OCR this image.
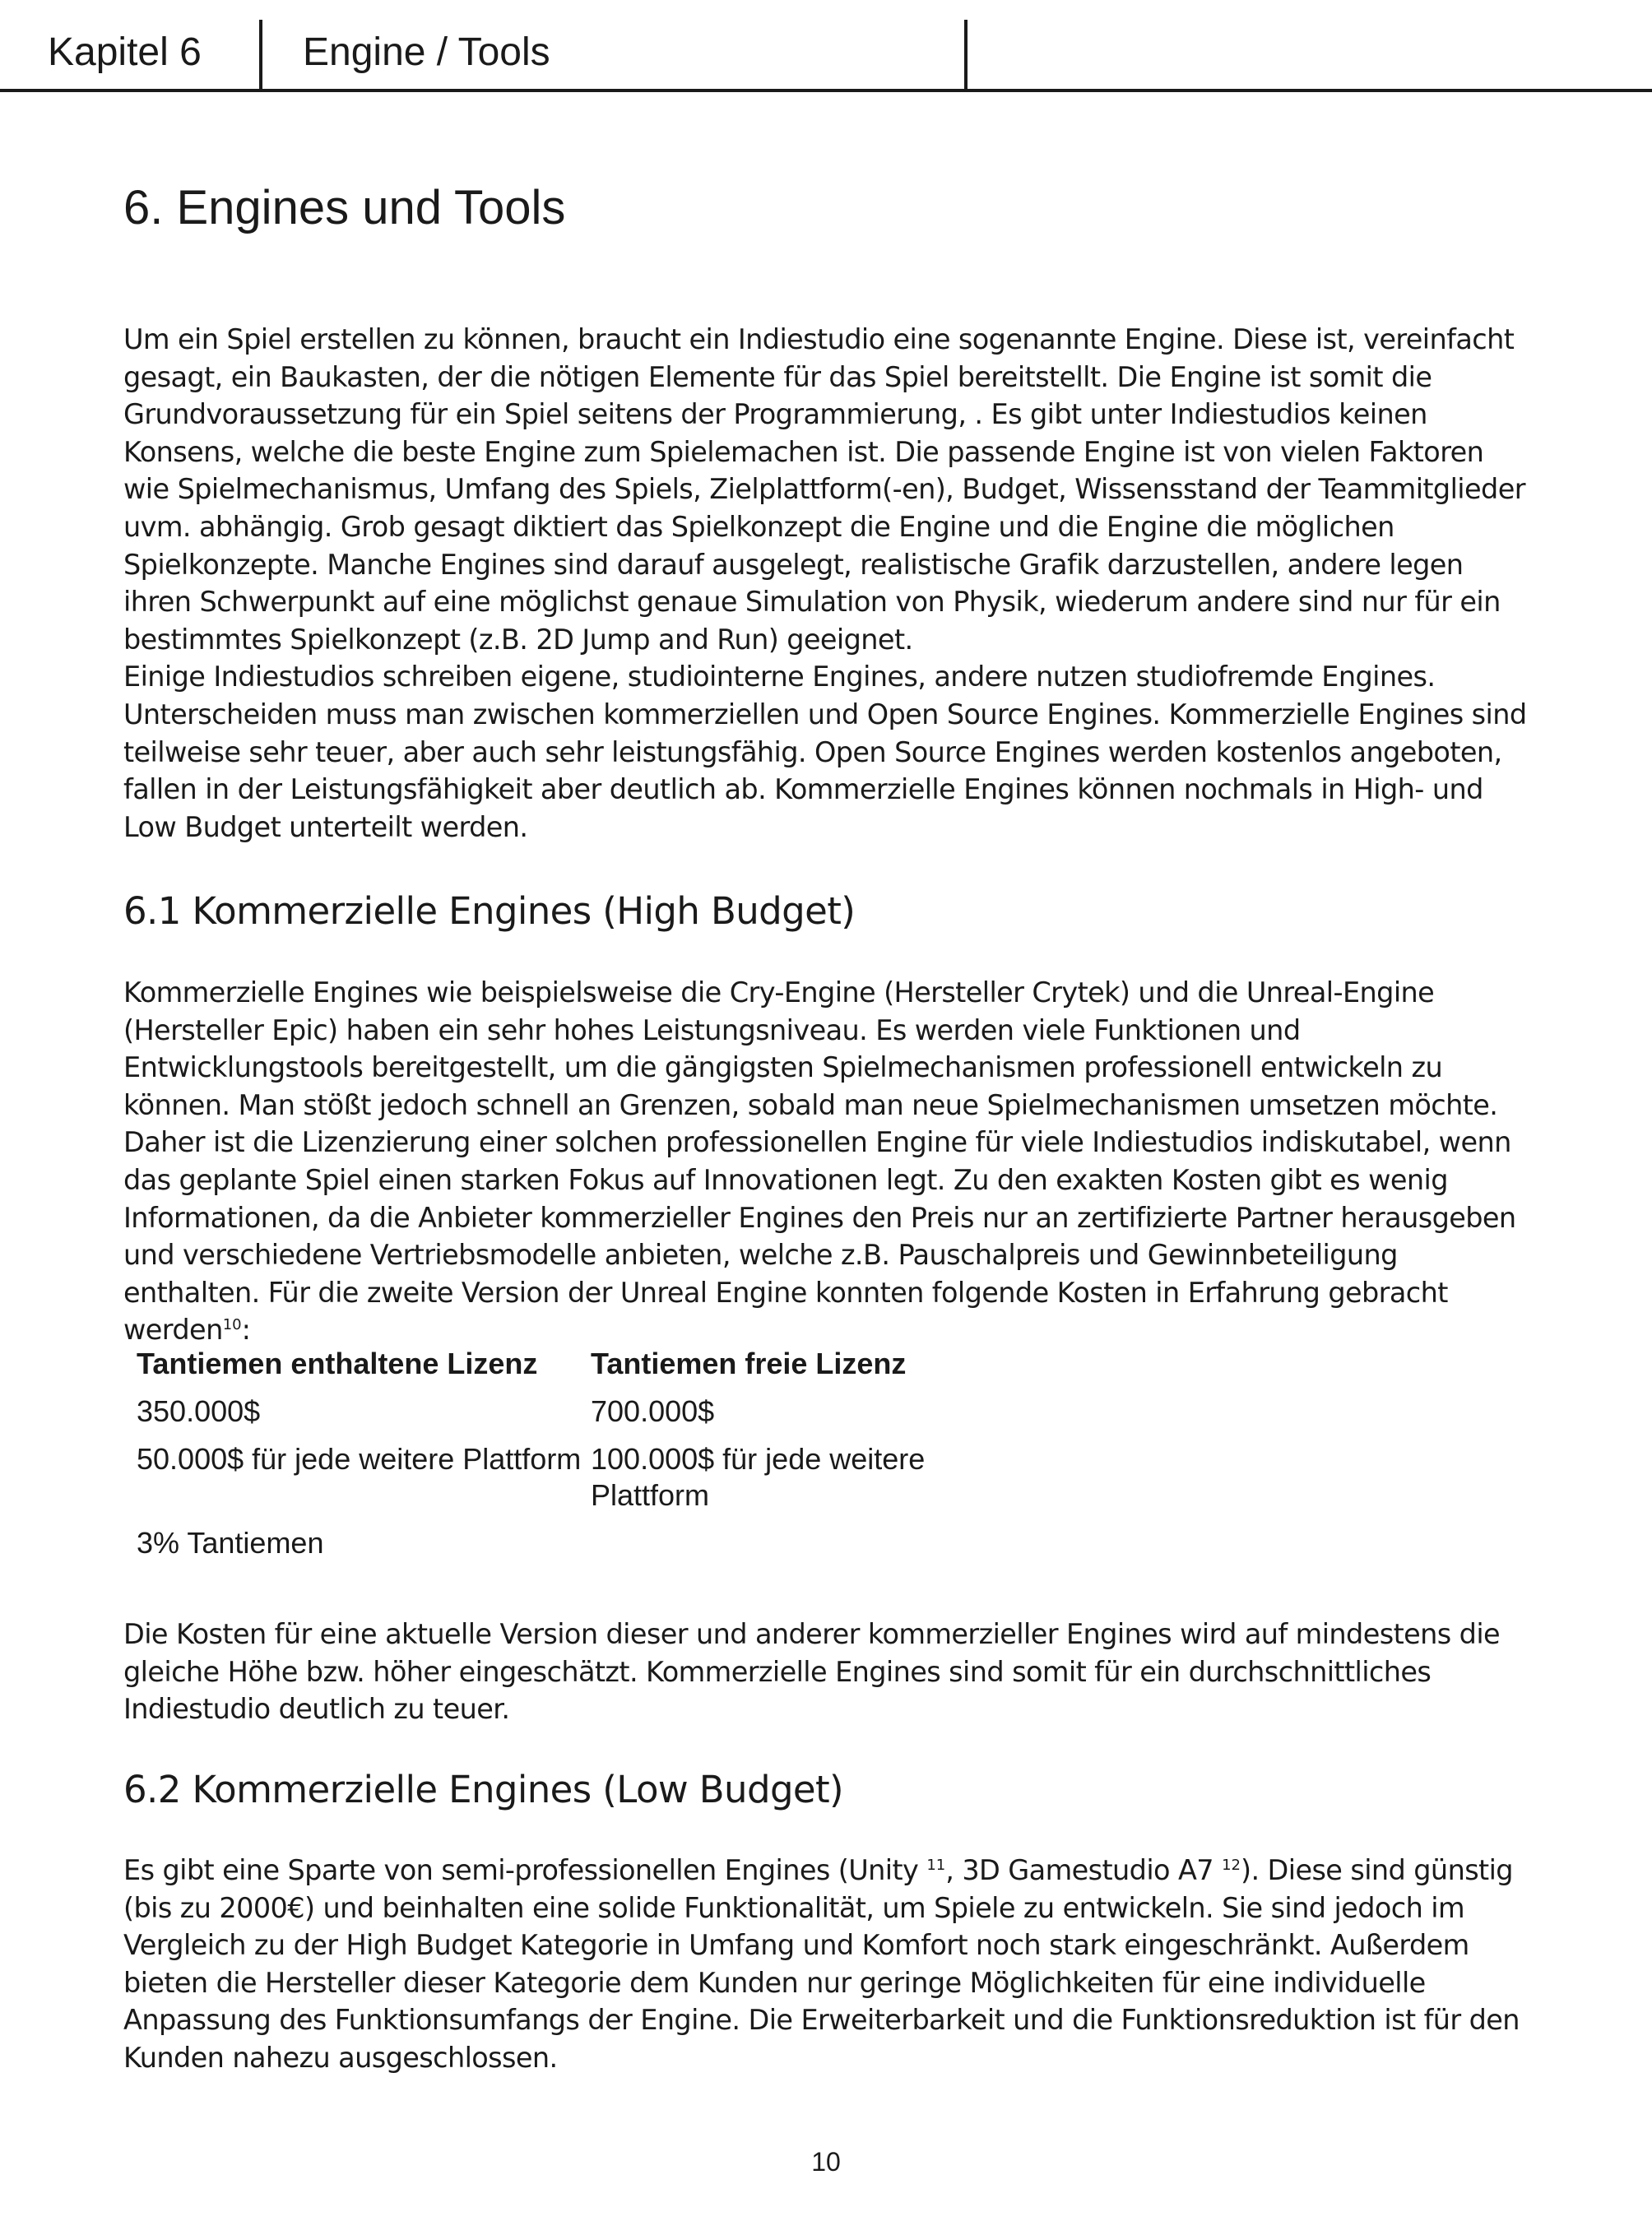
Kapitel 6	Engine / Tools
6. Engines und Tools
Um ein Spiel erstellen zu können, braucht ein Indiestudio eine sogenannte Engine. Diese ist, vereinfacht gesagt, ein Baukasten, der die nötigen Elemente für das Spiel bereitstellt. Die Engine ist somit die Grundvoraussetzung für ein Spiel seitens der Programmierung, . Es gibt unter Indiestudios keinen Konsens, welche die beste Engine zum Spielemachen ist. Die passende Engine ist von vielen Faktoren wie Spielmechanismus, Umfang des Spiels, Zielplattform(-en), Budget, Wissensstand der Teammitglieder uvm. abhängig. Grob gesagt diktiert das Spielkonzept die Engine und die Engine die möglichen Spielkonzepte. Manche Engines sind darauf ausgelegt, realistische Grafik darzustellen, andere legen ihren Schwerpunkt auf eine möglichst genaue Simulation von Physik, wiederum andere sind nur für ein bestimmtes Spielkonzept (z.B. 2D Jump and Run) geeignet.
Einige Indiestudios schreiben eigene, studiointerne Engines, andere nutzen studiofremde Engines. Unterscheiden muss man zwischen kommerziellen und Open Source Engines. Kommerzielle Engines sind teilweise sehr teuer, aber auch sehr leistungsfähig. Open Source Engines werden kostenlos angeboten, fallen in der Leistungsfähigkeit aber deutlich ab. Kommerzielle Engines können nochmals in High- und Low Budget unterteilt werden.
6.1 Kommerzielle Engines (High Budget)

Kommerzielle Engines wie beispielsweise die Cry-Engine (Hersteller Crytek) und die Unreal-Engine (Hersteller Epic) haben ein sehr hohes Leistungsniveau. Es werden viele Funktionen und Entwicklungstools bereitgestellt, um die gängigsten Spielmechanismen professionell entwickeln zu können. Man stößt jedoch schnell an Grenzen, sobald man neue Spielmechanismen umsetzen möchte. Daher ist die Lizenzierung einer solchen professionellen Engine für viele Indiestudios indiskutabel, wenn das geplante Spiel einen starken Fokus auf Innovationen legt. Zu den exakten Kosten gibt es wenig Informationen, da die Anbieter kommerzieller Engines den Preis nur an zertifizierte Partner herausgeben und verschiedene Vertriebsmodelle anbieten, welche z.B. Pauschalpreis und Gewinnbeteiligung enthalten. Für die zweite Version der Unreal Engine konnten folgende Kosten in Erfahrung gebracht werden$^{10}$:

Tantiemen enthaltene Lizenz	Tantiemen freie Lizenz
350.000$	700.000$
50.000$ für jede weitere Plattform	100.000$ für jede weitere Plattform
3% Tantiemen	

Die Kosten für eine aktuelle Version dieser und anderer kommerzieller Engines wird auf mindestens die gleiche Höhe bzw. höher eingeschätzt. Kommerzielle Engines sind somit für ein durchschnittliches Indiestudio deutlich zu teuer.

6.2 Kommerzielle Engines (Low Budget)

Es gibt eine Sparte von semi-professionellen Engines (Unity $^{11}$, 3D Gamestudio A7 $^{12}$). Diese sind günstig (bis zu 2000€) und beinhalten eine solide Funktionalität, um Spiele zu entwickeln. Sie sind jedoch im Vergleich zu der High Budget Kategorie in Umfang und Komfort noch stark eingeschränkt. Außerdem bieten die Hersteller dieser Kategorie dem Kunden nur geringe Möglichkeiten für eine individuelle Anpassung des Funktionsumfangs der Engine. Die Erweiterbarkeit und die Funktionsreduktion ist für den Kunden nahezu ausgeschlossen.

10
